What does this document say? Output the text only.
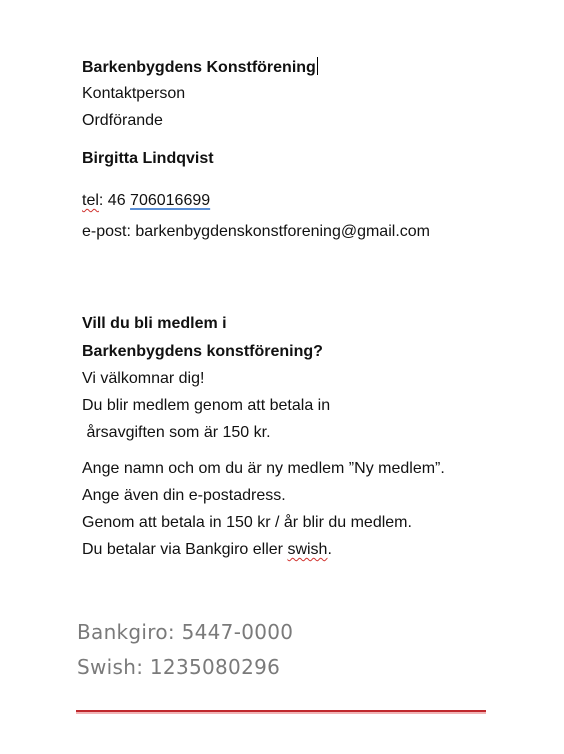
Barkenbygdens Konstförening
Kontaktperson
Ordförande
Birgitta Lindqvist
tel: 46 706016699
e-post: barkenbygdenskonstforening@gmail.com
Vill du bli medlem i
Barkenbygdens konstförening?
Vi välkomnar dig!
Du blir medlem genom att betala in
årsavgiften som är 150 kr.
Ange namn och om du är ny medlem ”Ny medlem”.
Ange även din e-postadress.
Genom att betala in 150 kr / år blir du medlem.
Du betalar via Bankgiro eller swish.
Bankgiro: 5447-0000
Swish: 1235080296
